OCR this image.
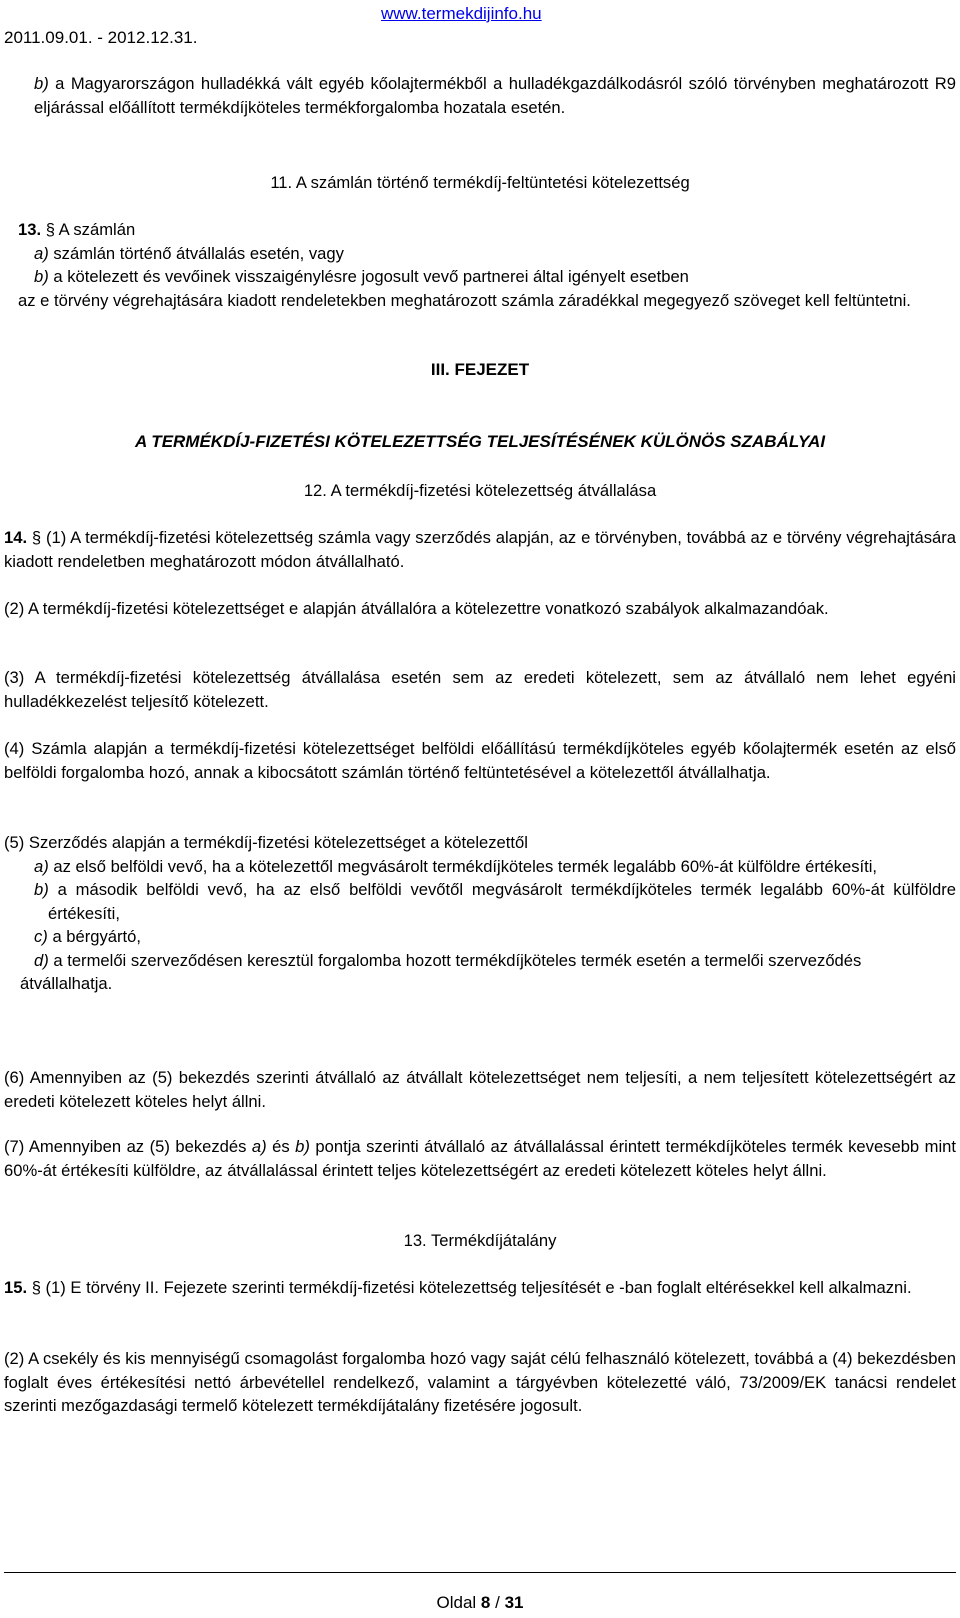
www.termekdijinfo.hu
2011.09.01. - 2012.12.31.

b) a Magyarországon hulladékká vált egyéb kőolajtermékből a hulladékgazdálkodásról szóló törvényben meghatározott R9 eljárással előállított termékdíjköteles termékforgalomba hozatala esetén.

11. A számlán történő termékdíj-feltüntetési kötelezettség

13. § A számlán

a) számlán történő átvállalás esetén, vagy

b) a kötelezett és vevőinek visszaigénylésre jogosult vevő partnerei által igényelt esetben

az e törvény végrehajtására kiadott rendeletekben meghatározott számla záradékkal megegyező szöveget kell feltüntetni.

III. FEJEZET
A TERMÉKDÍJ-FIZETÉSI KÖTELEZETTSÉG TELJESÍTÉSÉNEK KÜLÖNÖS SZABÁLYAI
12. A termékdíj-fizetési kötelezettség átvállalása

14. § (1) A termékdíj-fizetési kötelezettség számla vagy szerződés alapján, az e törvényben, továbbá az e törvény végrehajtására kiadott rendeletben meghatározott módon átvállalható.

(2) A termékdíj-fizetési kötelezettséget e alapján átvállalóra a kötelezettre vonatkozó szabályok alkalmazandóak.

(3) A termékdíj-fizetési kötelezettség átvállalása esetén sem az eredeti kötelezett, sem az átvállaló nem lehet egyéni hulladékkezelést teljesítő kötelezett.

(4) Számla alapján a termékdíj-fizetési kötelezettséget belföldi előállítású termékdíjköteles egyéb kőolajtermék esetén az első belföldi forgalomba hozó, annak a kibocsátott számlán történő feltüntetésével a kötelezettől átvállalhatja.

(5) Szerződés alapján a termékdíj-fizetési kötelezettséget a kötelezettől

a) az első belföldi vevő, ha a kötelezettől megvásárolt termékdíjköteles termék legalább 60%-át külföldre értékesíti,

b) a második belföldi vevő, ha az első belföldi vevőtől megvásárolt termékdíjköteles termék legalább 60%-át külföldre értékesíti,

c) a bérgyártó,

d) a termelői szerveződésen keresztül forgalomba hozott termékdíjköteles termék esetén a termelői szerveződés

átvállalhatja.

(6) Amennyiben az (5) bekezdés szerinti átvállaló az átvállalt kötelezettséget nem teljesíti, a nem teljesített kötelezettségért az eredeti kötelezett köteles helyt állni.

(7) Amennyiben az (5) bekezdés a) és b) pontja szerinti átvállaló az átvállalással érintett termékdíjköteles termék kevesebb mint 60%-át értékesíti külföldre, az átvállalással érintett teljes kötelezettségért az eredeti kötelezett köteles helyt állni.

13. Termékdíjátalány

15. § (1) E törvény II. Fejezete szerinti termékdíj-fizetési kötelezettség teljesítését e -ban foglalt eltérésekkel kell alkalmazni.

(2) A csekély és kis mennyiségű csomagolást forgalomba hozó vagy saját célú felhasználó kötelezett, továbbá a (4) bekezdésben foglalt éves értékesítési nettó árbevétellel rendelkező, valamint a tárgyévben kötelezetté váló, 73/2009/EK tanácsi rendelet szerinti mezőgazdasági termelő kötelezett termékdíjátalány fizetésére jogosult.

Oldal 8 / 31
